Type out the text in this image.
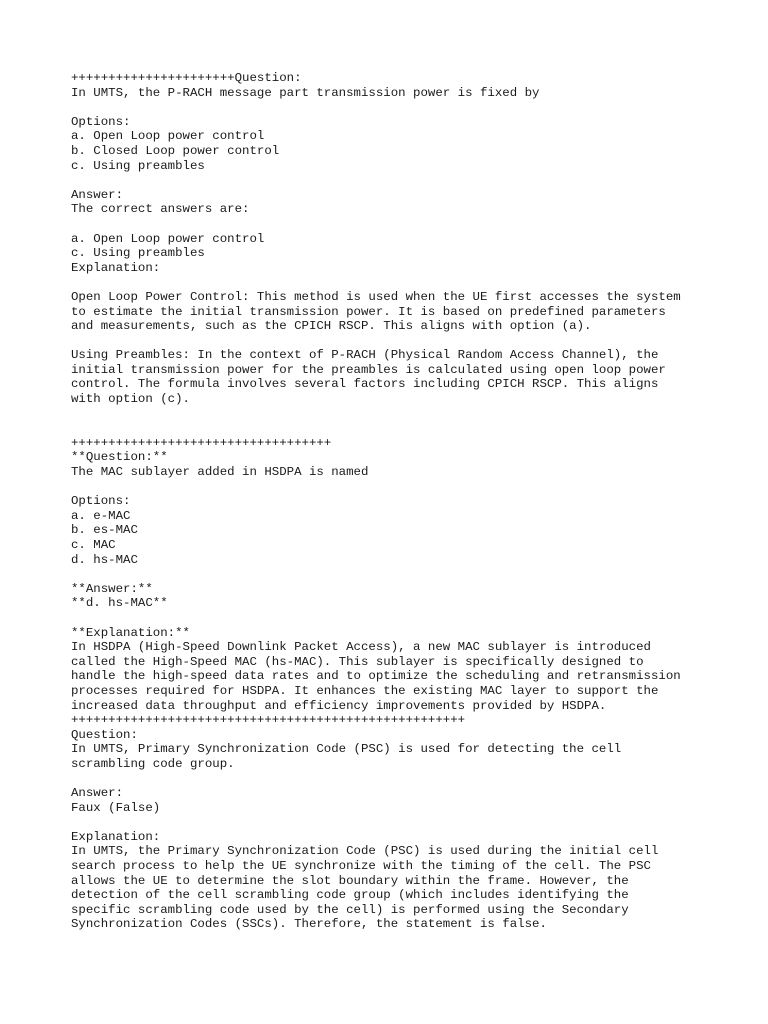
++++++++++++++++++++++Question:
In UMTS, the P-RACH message part transmission power is fixed by
Options:
a. Open Loop power control
b. Closed Loop power control
c. Using preambles
Answer:
The correct answers are:
a. Open Loop power control
c. Using preambles
Explanation:
Open Loop Power Control: This method is used when the UE first accesses the system
to estimate the initial transmission power. It is based on predefined parameters
and measurements, such as the CPICH RSCP. This aligns with option (a).
Using Preambles: In the context of P-RACH (Physical Random Access Channel), the
initial transmission power for the preambles is calculated using open loop power
control. The formula involves several factors including CPICH RSCP. This aligns
with option (c).
+++++++++++++++++++++++++++++++++++
**Question:**
The MAC sublayer added in HSDPA is named
Options:
a. e-MAC
b. es-MAC
c. MAC
d. hs-MAC
**Answer:**
**d. hs-MAC**
**Explanation:**
In HSDPA (High-Speed Downlink Packet Access), a new MAC sublayer is introduced
called the High-Speed MAC (hs-MAC). This sublayer is specifically designed to
handle the high-speed data rates and to optimize the scheduling and retransmission
processes required for HSDPA. It enhances the existing MAC layer to support the
increased data throughput and efficiency improvements provided by HSDPA.
+++++++++++++++++++++++++++++++++++++++++++++++++++++
Question:
In UMTS, Primary Synchronization Code (PSC) is used for detecting the cell
scrambling code group.
Answer:
Faux (False)
Explanation:
In UMTS, the Primary Synchronization Code (PSC) is used during the initial cell
search process to help the UE synchronize with the timing of the cell. The PSC
allows the UE to determine the slot boundary within the frame. However, the
detection of the cell scrambling code group (which includes identifying the
specific scrambling code used by the cell) is performed using the Secondary
Synchronization Codes (SSCs). Therefore, the statement is false.
